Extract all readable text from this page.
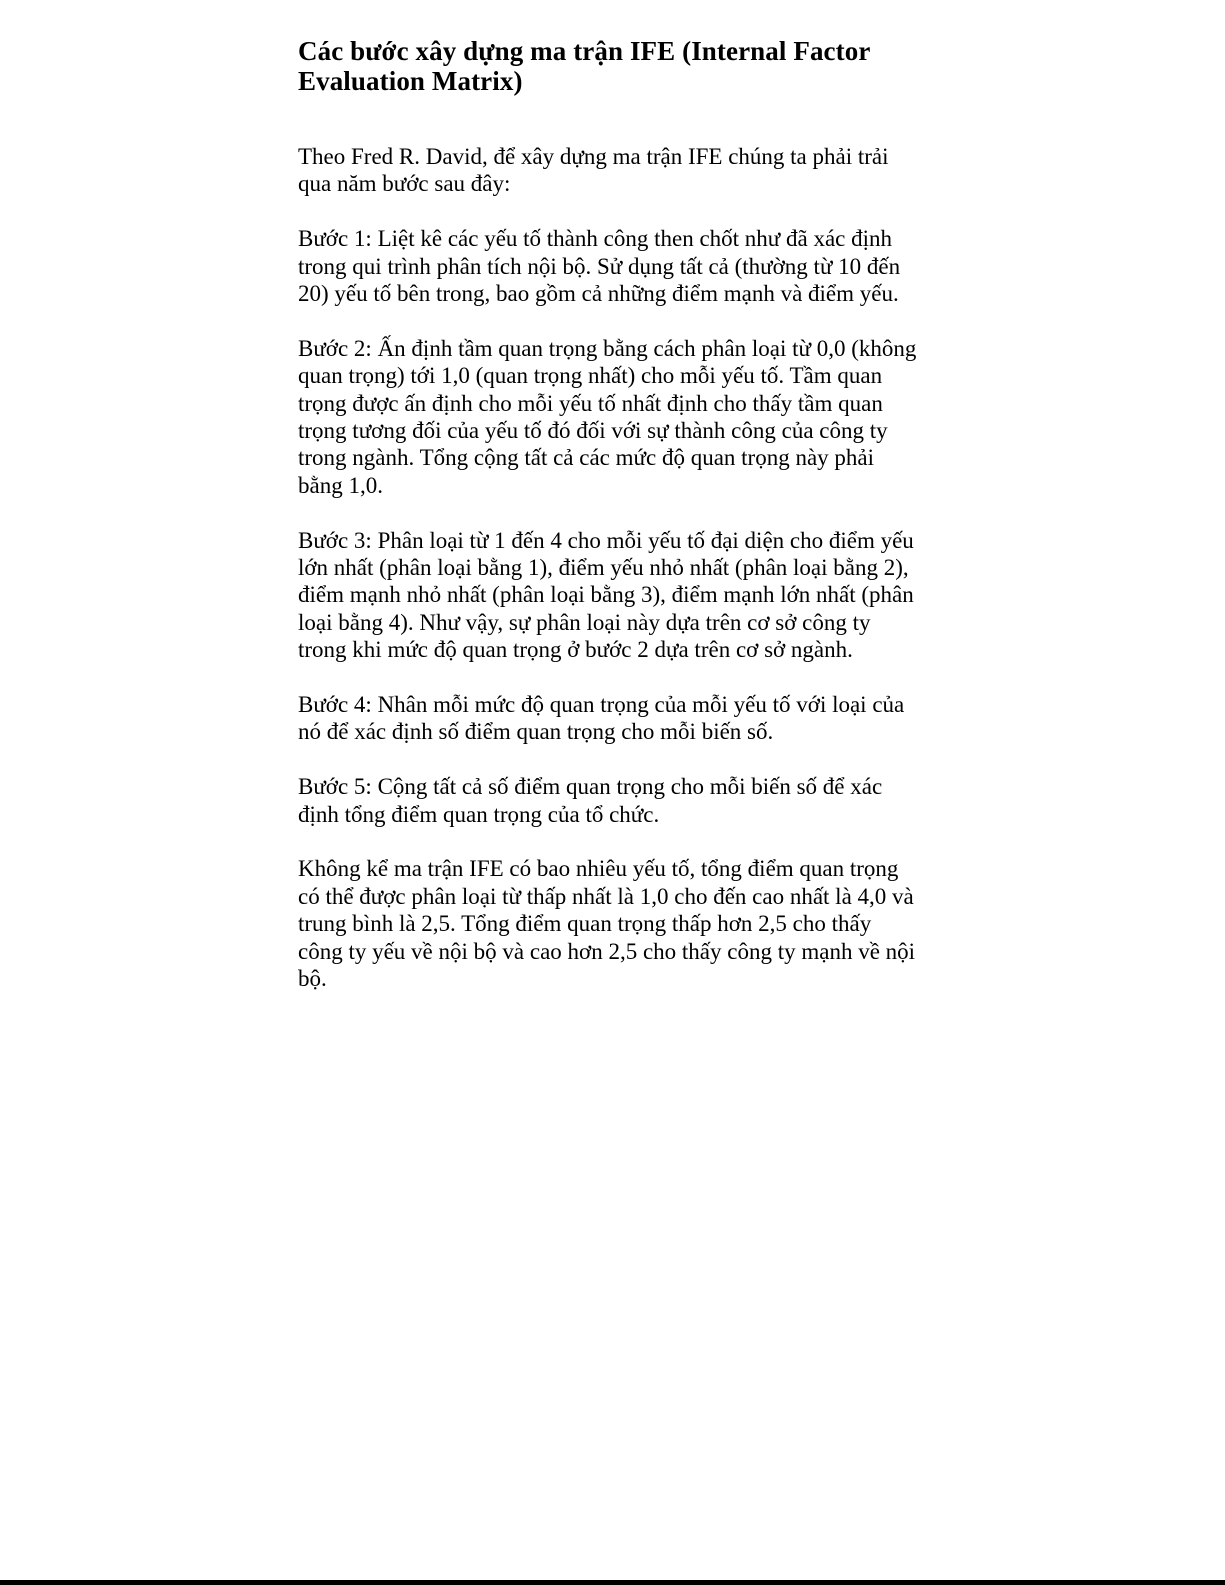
Các bước xây dựng ma trận IFE (Internal Factor Evaluation Matrix)

Theo Fred R. David, để xây dựng ma trận IFE chúng ta phải trải qua năm bước sau đây:

Bước 1: Liệt kê các yếu tố thành công then chốt như đã xác định trong qui trình phân tích nội bộ. Sử dụng tất cả (thường từ 10 đến 20) yếu tố bên trong, bao gồm cả những điểm mạnh và điểm yếu.

Bước 2: Ấn định tầm quan trọng bằng cách phân loại từ 0,0 (không quan trọng) tới 1,0 (quan trọng nhất) cho mỗi yếu tố. Tầm quan trọng được ấn định cho mỗi yếu tố nhất định cho thấy tầm quan trọng tương đối của yếu tố đó đối với sự thành công của công ty trong ngành. Tổng cộng tất cả các mức độ quan trọng này phải bằng 1,0.

Bước 3: Phân loại từ 1 đến 4 cho mỗi yếu tố đại diện cho điểm yếu lớn nhất (phân loại bằng 1), điểm yếu nhỏ nhất (phân loại bằng 2), điểm mạnh nhỏ nhất (phân loại bằng 3), điểm mạnh lớn nhất (phân loại bằng 4). Như vậy, sự phân loại này dựa trên cơ sở công ty trong khi mức độ quan trọng ở bước 2 dựa trên cơ sở ngành.

Bước 4: Nhân mỗi mức độ quan trọng của mỗi yếu tố với loại của nó để xác định số điểm quan trọng cho mỗi biến số.

Bước 5: Cộng tất cả số điểm quan trọng cho mỗi biến số để xác định tổng điểm quan trọng của tổ chức.

Không kể ma trận IFE có bao nhiêu yếu tố, tổng điểm quan trọng có thể được phân loại từ thấp nhất là 1,0 cho đến cao nhất là 4,0 và trung bình là 2,5. Tổng điểm quan trọng thấp hơn 2,5 cho thấy công ty yếu về nội bộ và cao hơn 2,5 cho thấy công ty mạnh về nội bộ.
